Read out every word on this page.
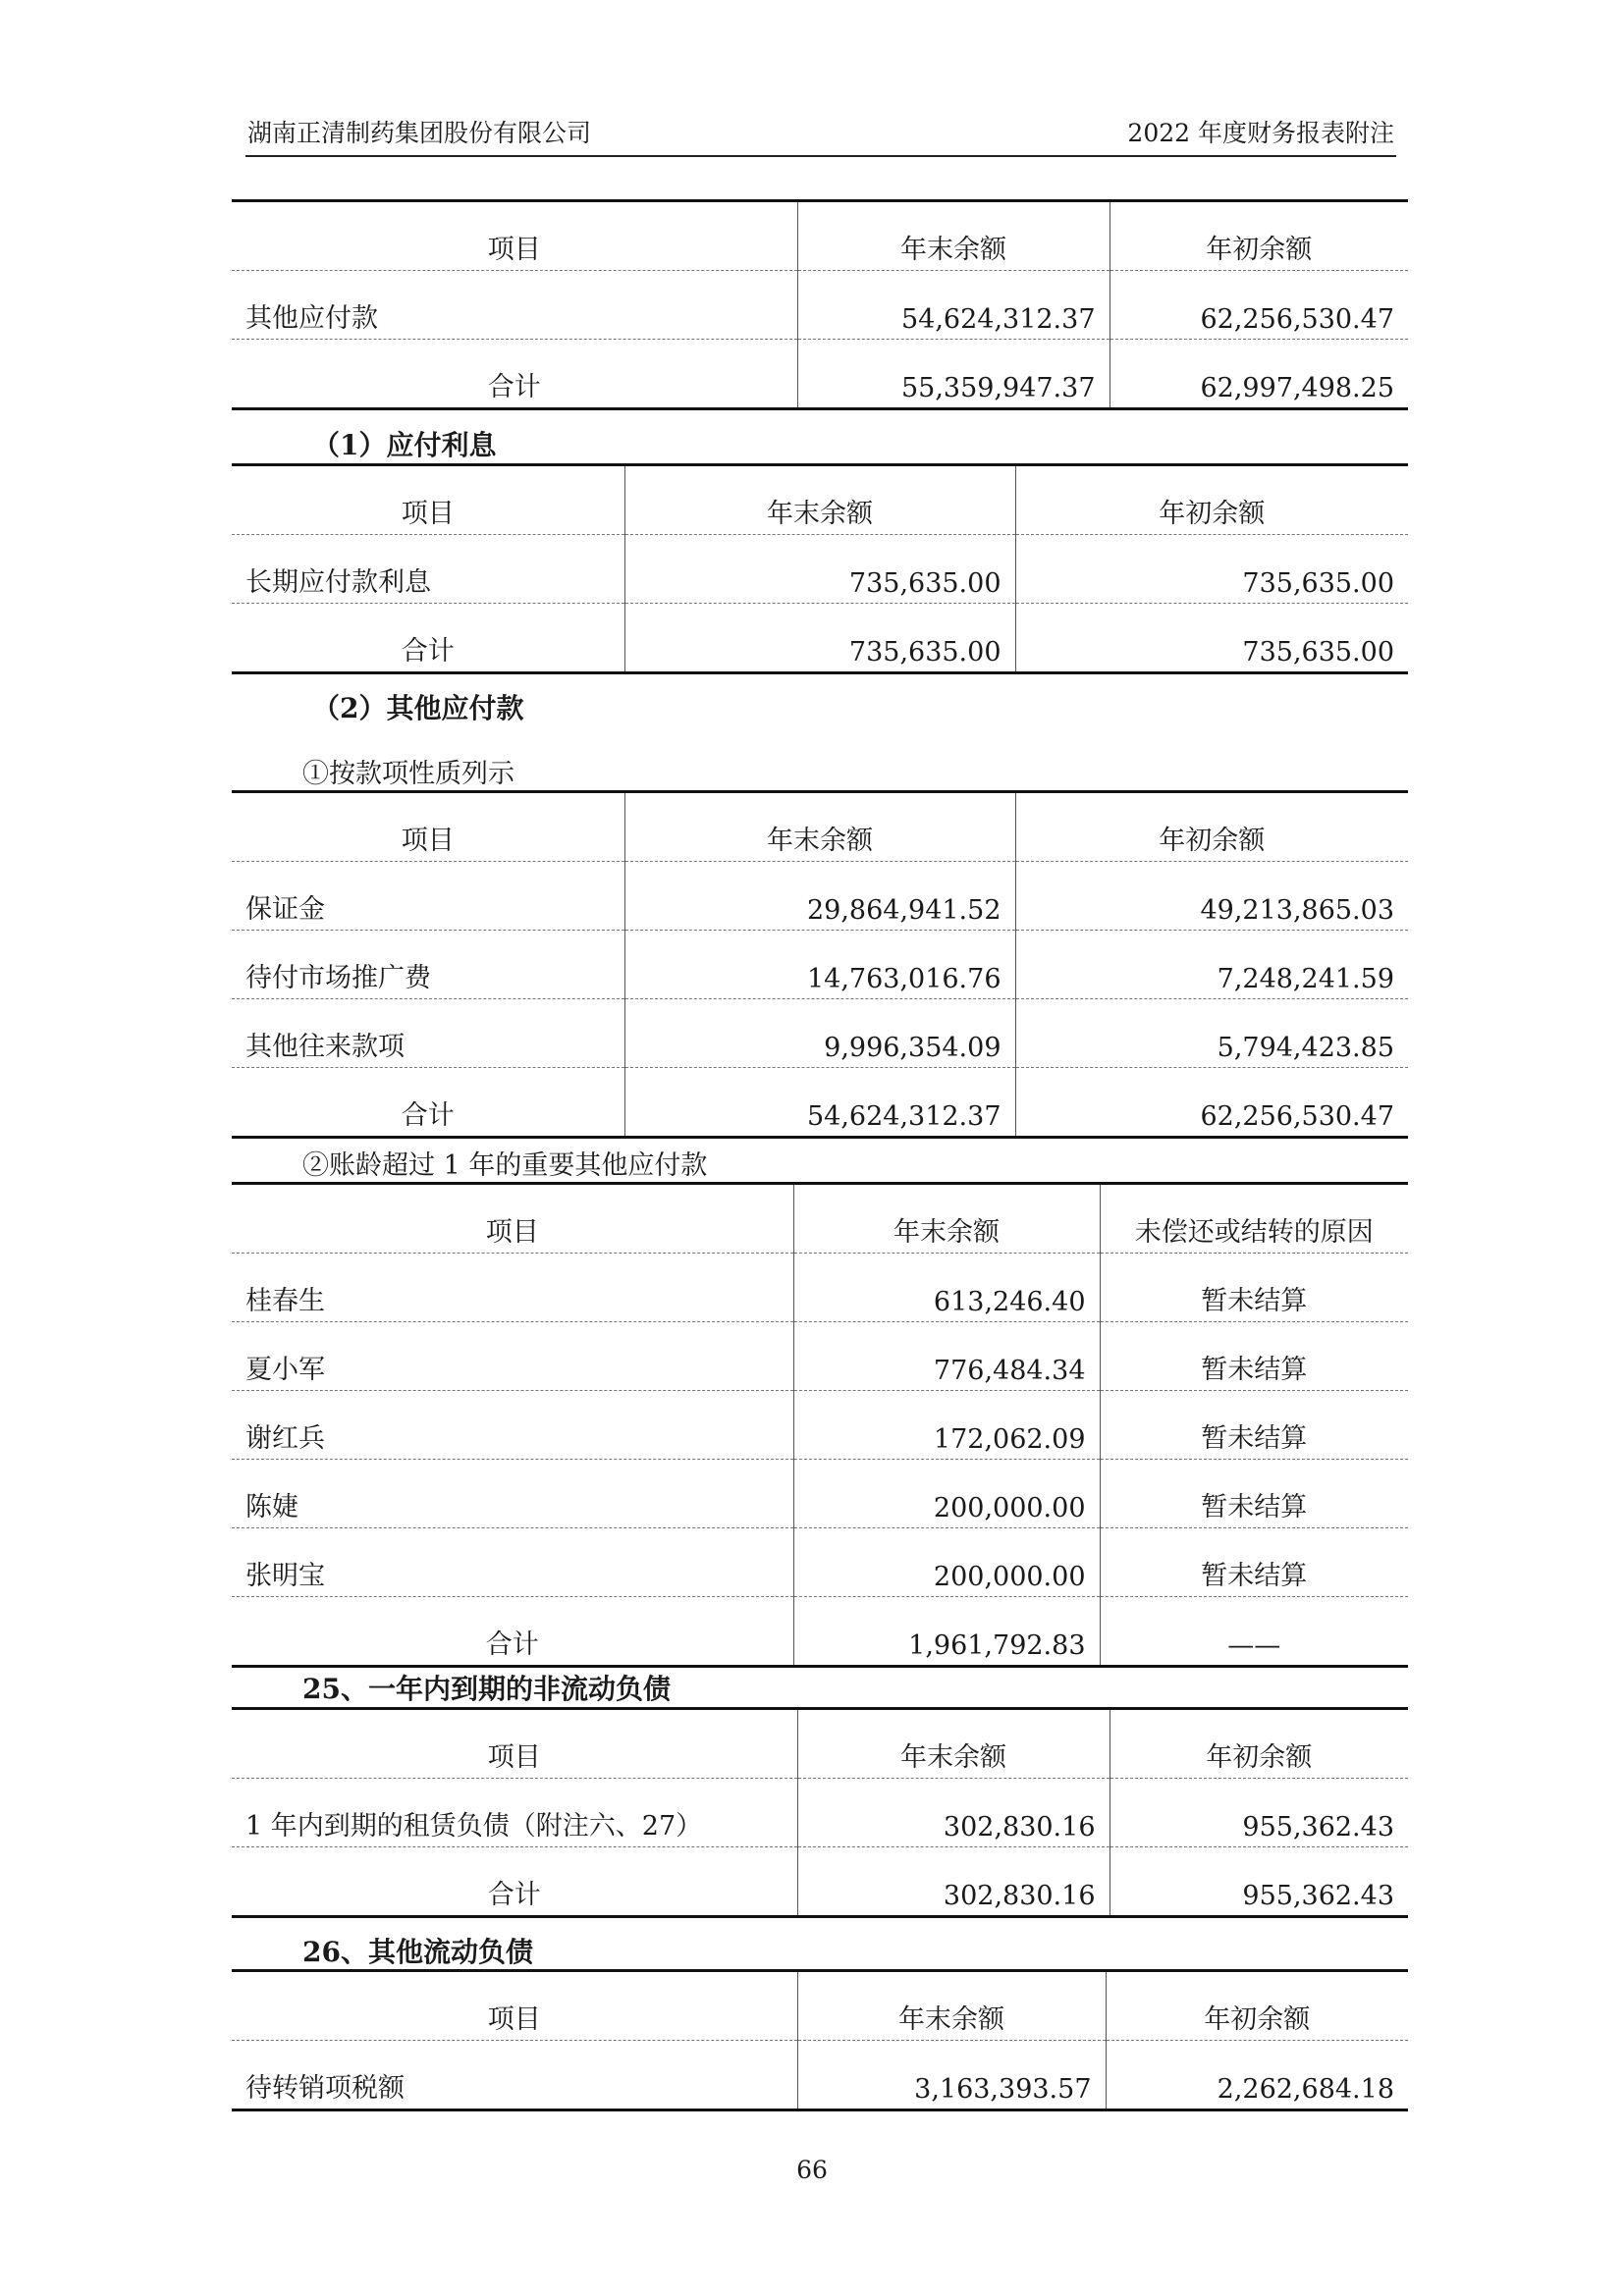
湖南正清制药集团股份有限公司	2022 年度财务报表附注
项目	年末余额	年初余额
其他应付款	54,624,312.37	62,256,530.47
合计	55,359,947.37	62,997,498.25

（1）应付利息

项目	年末余额	年初余额
长期应付款利息	735,635.00	735,635.00
合计	735,635.00	735,635.00

（2）其他应付款

①按款项性质列示

项目	年末余额	年初余额
保证金	29,864,941.52	49,213,865.03
待付市场推广费	14,763,016.76	7,248,241.59
其他往来款项	9,996,354.09	5,794,423.85
合计	54,624,312.37	62,256,530.47

②账龄超过 1 年的重要其他应付款

项目	年末余额	未偿还或结转的原因
桂春生	613,246.40	暂未结算
夏小军	776,484.34	暂未结算
谢红兵	172,062.09	暂未结算
陈婕	200,000.00	暂未结算
张明宝	200,000.00	暂未结算
合计	1,961,792.83	——

25、一年内到期的非流动负债

项目	年末余额	年初余额
1 年内到期的租赁负债（附注六、27）	302,830.16	955,362.43
合计	302,830.16	955,362.43

26、其他流动负债

项目	年末余额	年初余额
待转销项税额	3,163,393.57	2,262,684.18
66
